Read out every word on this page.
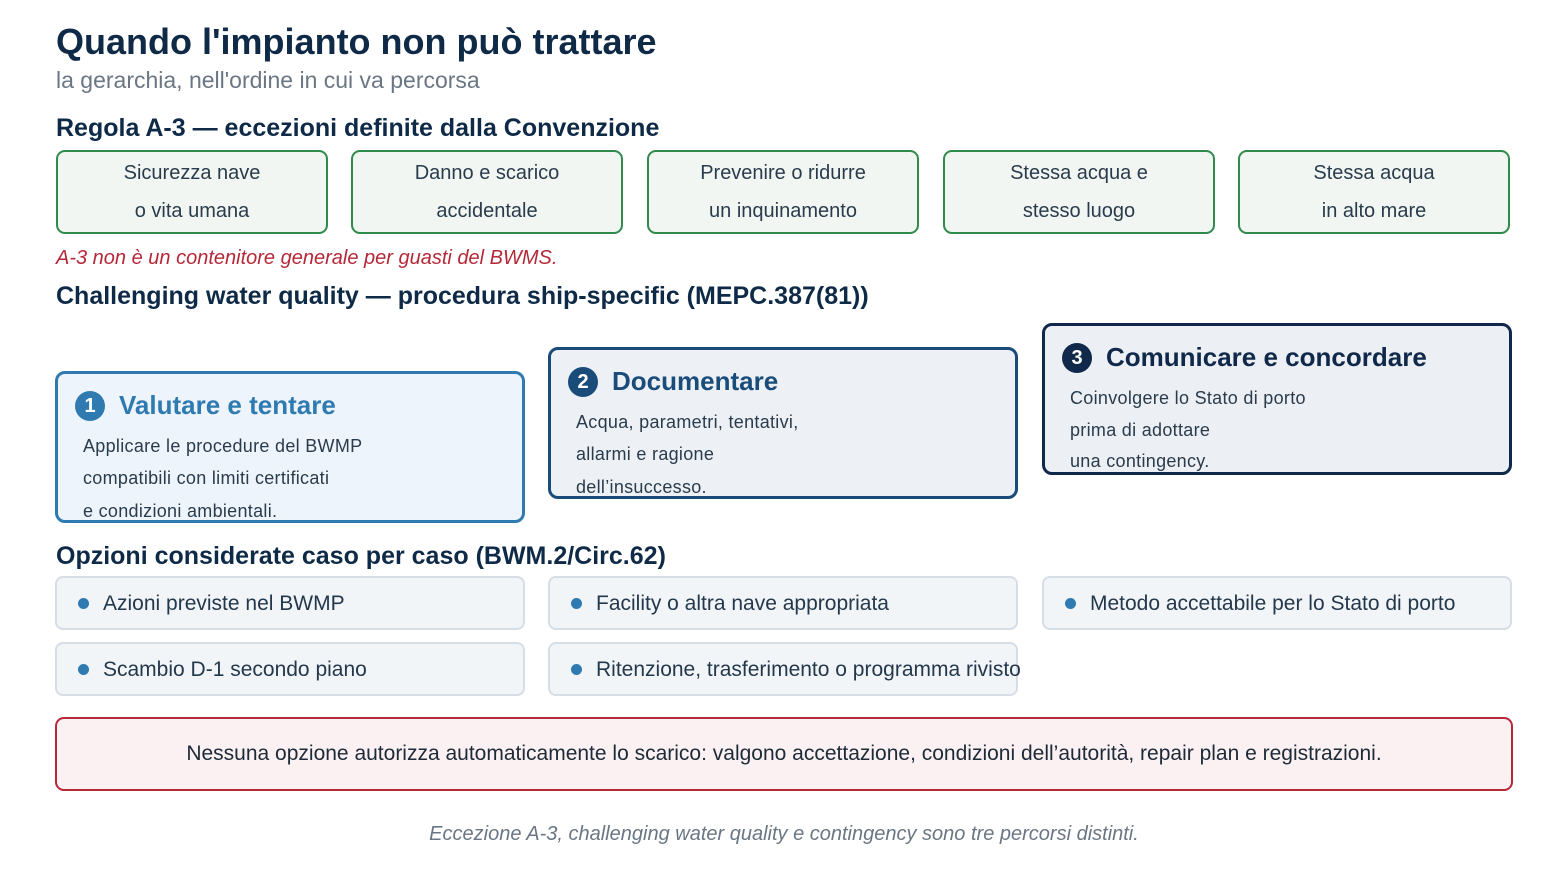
Quando l'impianto non può trattare
la gerarchia, nell'ordine in cui va percorsa
Regola A-3 — eccezioni definite dalla Convenzione
Sicurezza nave
o vita umana
Danno e scarico
accidentale
Prevenire o ridurre
un inquinamento
Stessa acqua e
stesso luogo
Stessa acqua
in alto mare
A-3 non è un contenitore generale per guasti del BWMS.
Challenging water quality — procedura ship-specific (MEPC.387(81))
1 Valutare e tentare
Applicare le procedure del BWMP
compatibili con limiti certificati
e condizioni ambientali.
2 Documentare
Acqua, parametri, tentativi,
allarmi e ragione
dell’insuccesso.
3 Comunicare e concordare
Coinvolgere lo Stato di porto
prima di adottare
una contingency.
Opzioni considerate caso per caso (BWM.2/Circ.62)
Azioni previste nel BWMP	Facility o altra nave appropriata	Metodo accettabile per lo Stato di porto
Scambio D-1 secondo piano	Ritenzione, trasferimento o programma rivisto
Nessuna opzione autorizza automaticamente lo scarico: valgono accettazione, condizioni dell’autorità, repair plan e registrazioni.
Eccezione A-3, challenging water quality e contingency sono tre percorsi distinti.
